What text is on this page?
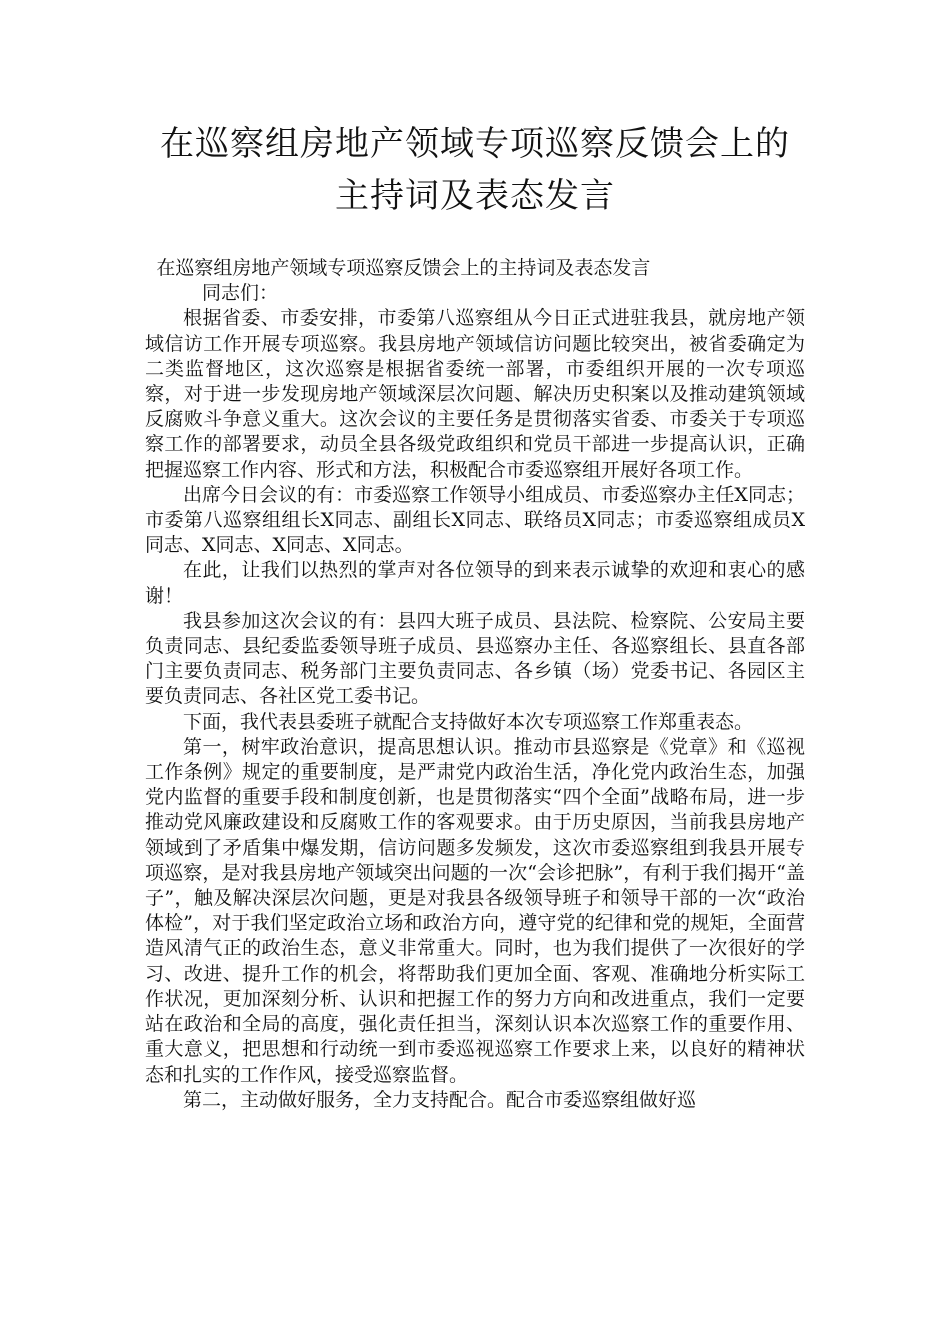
在巡察组房地产领域专项巡察反馈会上的
主持词及表态发言

在巡察组房地产领域专项巡察反馈会上的主持词及表态发言

同志们：

根据省委、市委安排，市委第八巡察组从今日正式进驻我县，就房地产领域信访工作开展专项巡察。我县房地产领域信访问题比较突出，被省委确定为二类监督地区，这次巡察是根据省委统一部署，市委组织开展的一次专项巡察，对于进一步发现房地产领域深层次问题、解决历史积案以及推动建筑领域反腐败斗争意义重大。这次会议的主要任务是贯彻落实省委、市委关于专项巡察工作的部署要求，动员全县各级党政组织和党员干部进一步提高认识，正确把握巡察工作内容、形式和方法，积极配合市委巡察组开展好各项工作。

出席今日会议的有：市委巡察工作领导小组成员、市委巡察办主任X同志；市委第八巡察组组长X同志、副组长X同志、联络员X同志；市委巡察组成员X同志、X同志、X同志、X同志。

在此，让我们以热烈的掌声对各位领导的到来表示诚挚的欢迎和衷心的感谢！

我县参加这次会议的有：县四大班子成员、县法院、检察院、公安局主要负责同志、县纪委监委领导班子成员、县巡察办主任、各巡察组长、县直各部门主要负责同志、税务部门主要负责同志、各乡镇（场）党委书记、各园区主要负责同志、各社区党工委书记。

下面，我代表县委班子就配合支持做好本次专项巡察工作郑重表态。

第一，树牢政治意识，提高思想认识。推动市县巡察是《党章》和《巡视工作条例》规定的重要制度，是严肃党内政治生活，净化党内政治生态，加强党内监督的重要手段和制度创新，也是贯彻落实“四个全面”战略布局，进一步推动党风廉政建设和反腐败工作的客观要求。由于历史原因，当前我县房地产领域到了矛盾集中爆发期，信访问题多发频发，这次市委巡察组到我县开展专项巡察，是对我县房地产领域突出问题的一次“会诊把脉”，有利于我们揭开“盖子”，触及解决深层次问题，更是对我县各级领导班子和领导干部的一次“政治体检”，对于我们坚定政治立场和政治方向，遵守党的纪律和党的规矩，全面营造风清气正的政治生态，意义非常重大。同时，也为我们提供了一次很好的学习、改进、提升工作的机会，将帮助我们更加全面、客观、准确地分析实际工作状况，更加深刻分析、认识和把握工作的努力方向和改进重点，我们一定要站在政治和全局的高度，强化责任担当，深刻认识本次巡察工作的重要作用、重大意义，把思想和行动统一到市委巡视巡察工作要求上来，以良好的精神状态和扎实的工作作风，接受巡察监督。

第二，主动做好服务，全力支持配合。配合市委巡察组做好巡
